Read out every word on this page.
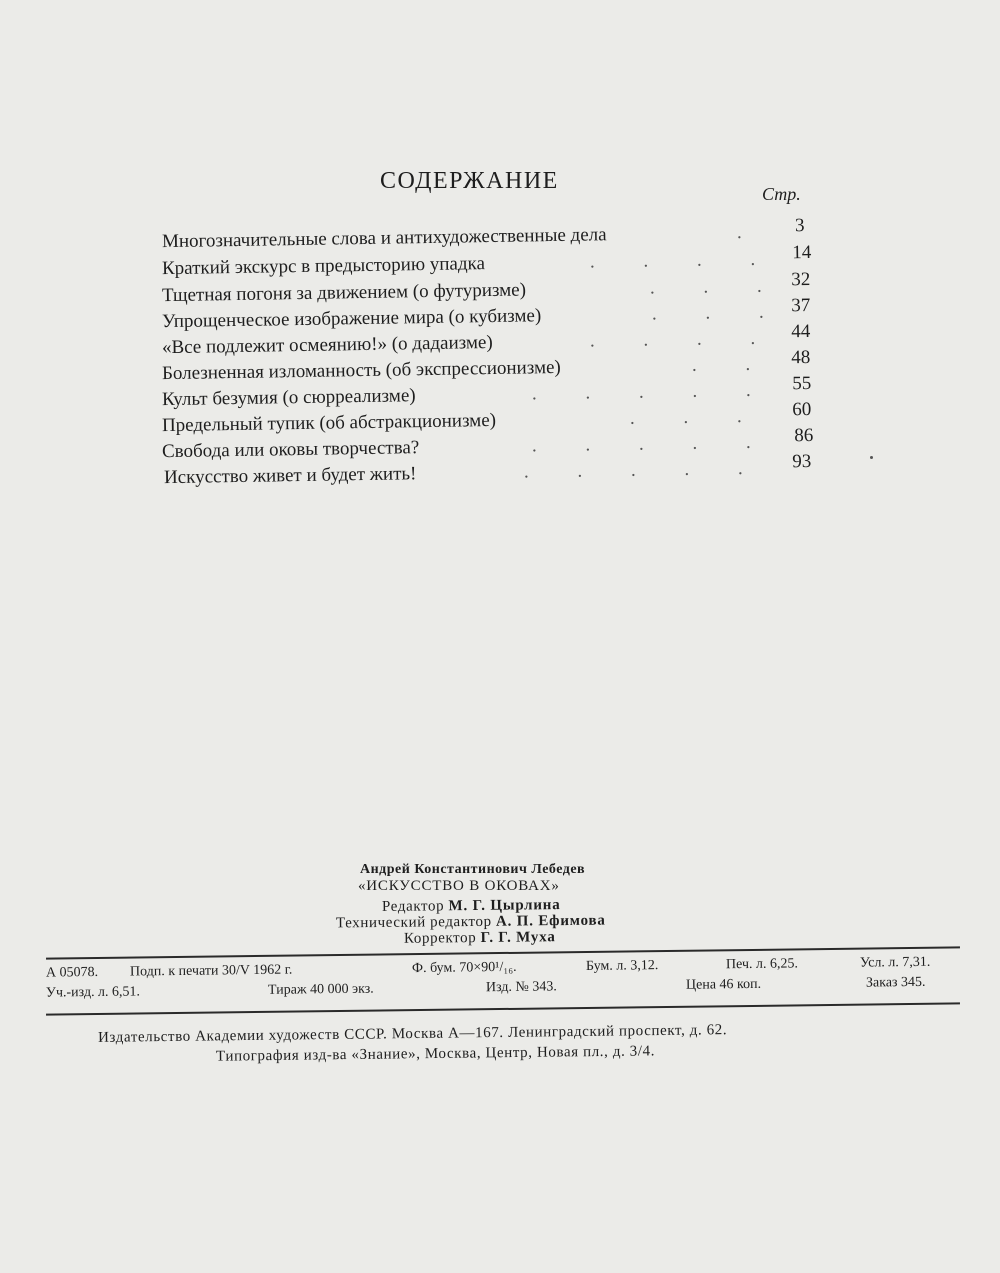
СОДЕРЖАНИЕ	Стр.
Многозначительные слова и антихудожественные дела	.	3
Краткий экскурс в предысторию упадка	. . . . 14
Тщетная погоня за движением (о футуризме)	. . . 32
Упрощенческое изображение мира (о кубизме)	. . . 37
«Все подлежит осмеянию!» (о дадаизме)	. . . . 44
Болезненная изломанность (об экспрессионизме)	. . 48
Культ безумия (о сюрреализме)	. . . . .	55
Предельный тупик (об абстракционизме)	. . .	60
Свобода или оковы творчества?	. . . . .	86
Искусство живет и будет жить!	. . . . .	93
Андрей Константинович Лебедев
«ИСКУССТВО В ОКОВАХ»
Редактор М. Г. Цырлина
Технический редактор А. П. Ефимова
Корректор Г. Г. Муха
А 05078. Подп. к печати 30/V 1962 г.	Ф. бум. 70×90¹/₁₆.	Бум. л. 3,12.	Печ. л. 6,25.	Усл. л. 7,31.
Уч.-изд. л. 6,51.	Тираж 40 000 экз.	Изд. № 343.	Цена 46 коп.	Заказ 345.
Издательство Академии художеств СССР. Москва А—167. Ленинградский проспект, д. 62.
Типография изд-ва «Знание», Москва, Центр, Новая пл., д. 3/4.
